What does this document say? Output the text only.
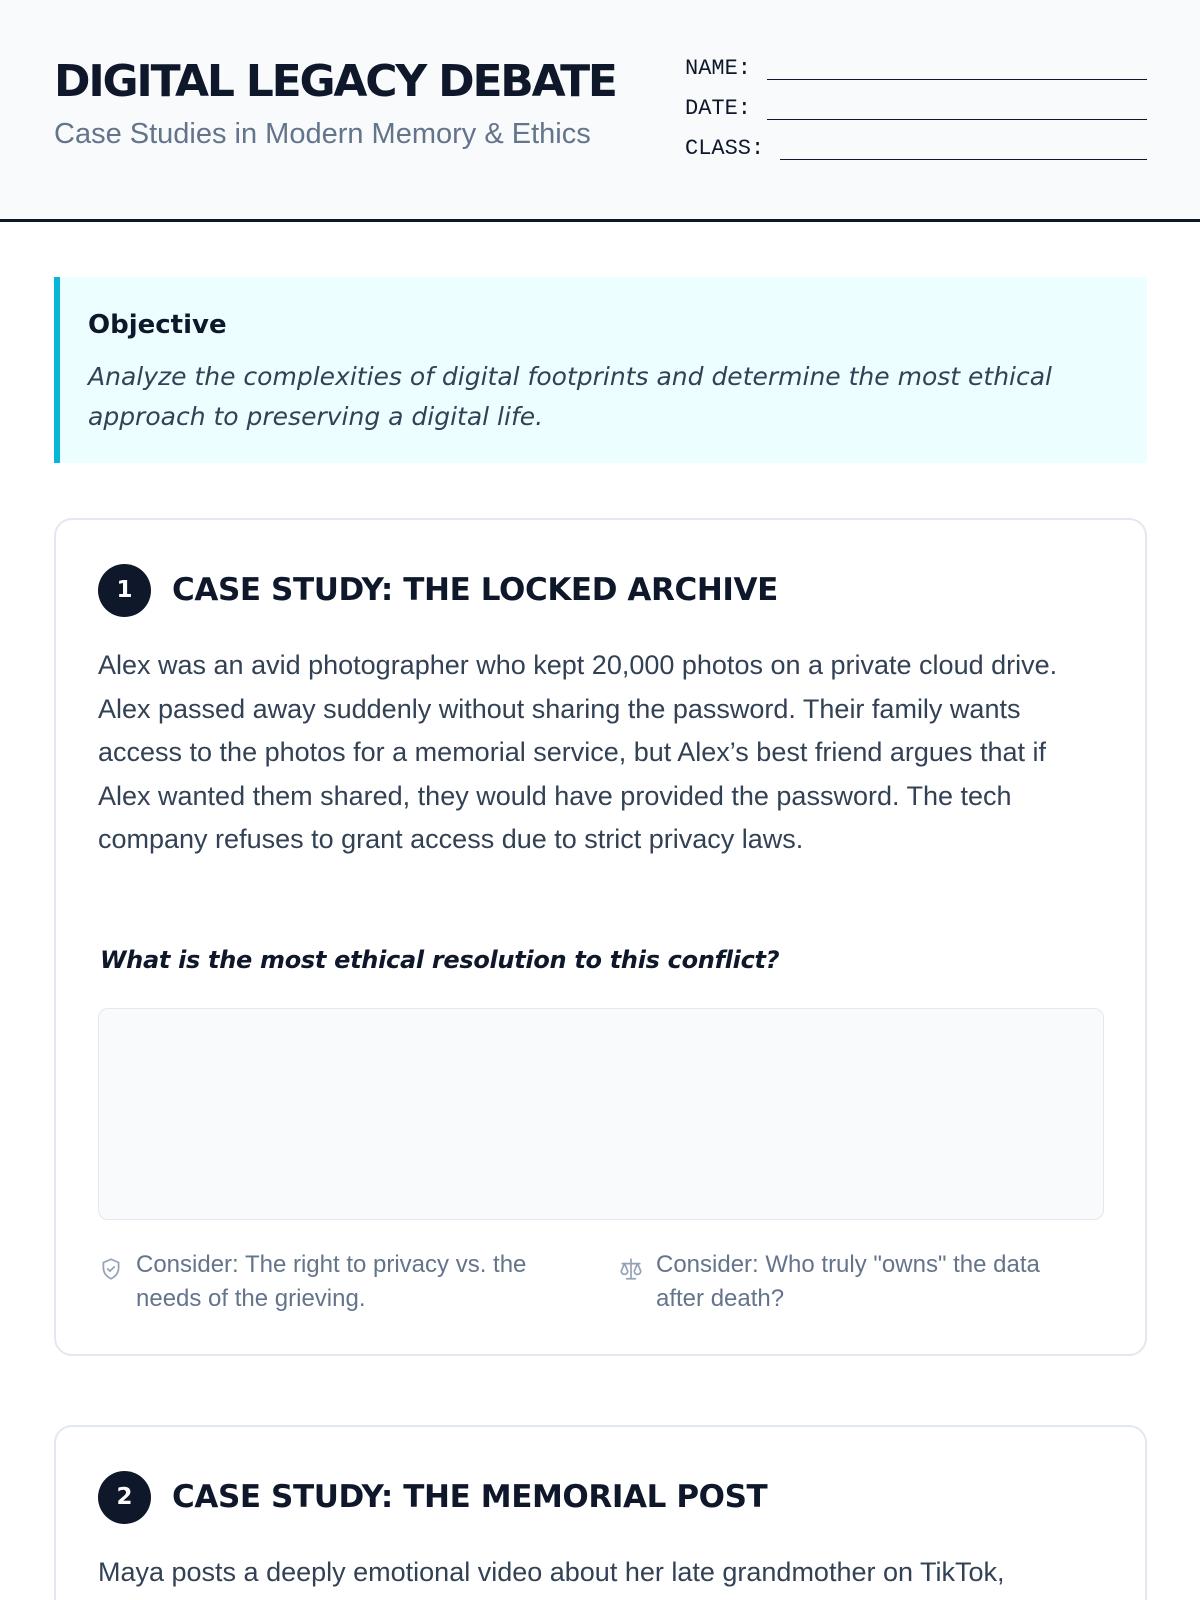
DIGITAL LEGACY DEBATE
Case Studies in Modern Memory & Ethics
NAME:
DATE:
CLASS:
Objective
Analyze the complexities of digital footprints and determine the most ethical approach to preserving a digital life.
1	CASE STUDY: THE LOCKED ARCHIVE
Alex was an avid photographer who kept 20,000 photos on a private cloud drive. Alex passed away suddenly without sharing the password. Their family wants access to the photos for a memorial service, but Alex’s best friend argues that if Alex wanted them shared, they would have provided the password. The tech company refuses to grant access due to strict privacy laws.
What is the most ethical resolution to this conflict?
Consider: The right to privacy vs. the needs of the grieving.
Consider: Who truly "owns" the data after death?
2	CASE STUDY: THE MEMORIAL POST
Maya posts a deeply emotional video about her late grandmother on TikTok,
